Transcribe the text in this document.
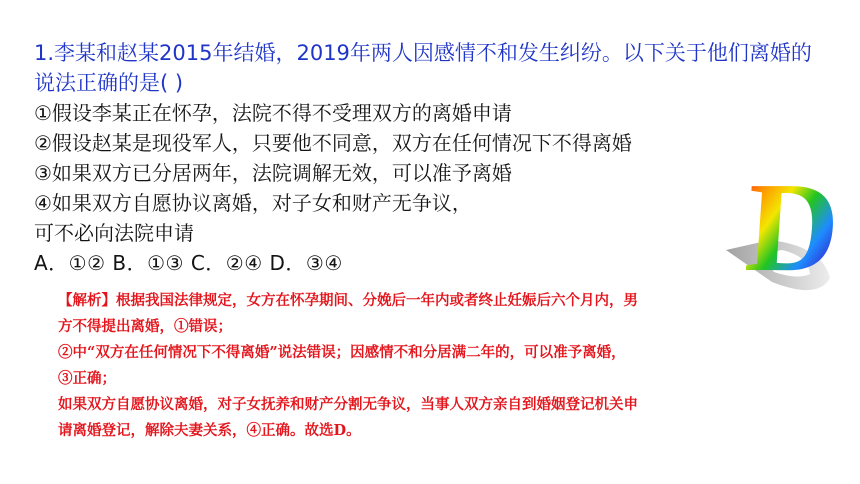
1.李某和赵某2015年结婚，2019年两人因感情不和发生纠纷。以下关于他们离婚的说法正确的是( )

①假设李某正在怀孕，法院不得不受理双方的离婚申请

②假设赵某是现役军人，只要他不同意，双方在任何情况下不得离婚

③如果双方已分居两年，法院调解无效，可以准予离婚

④如果双方自愿协议离婚，对子女和财产无争议，

可不必向法院申请

A．①② B．①③ C．②④ D．③④	D

【解析】根据我国法律规定，女方在怀孕期间、分娩后一年内或者终止妊娠后六个月内，男

方不得提出离婚，①错误；

②中“双方在任何情况下不得离婚”说法错误；因感情不和分居满二年的，可以准予离婚，

③正确；

如果双方自愿协议离婚，对子女抚养和财产分割无争议，当事人双方亲自到婚姻登记机关申

请离婚登记，解除夫妻关系，④正确。故选D。
